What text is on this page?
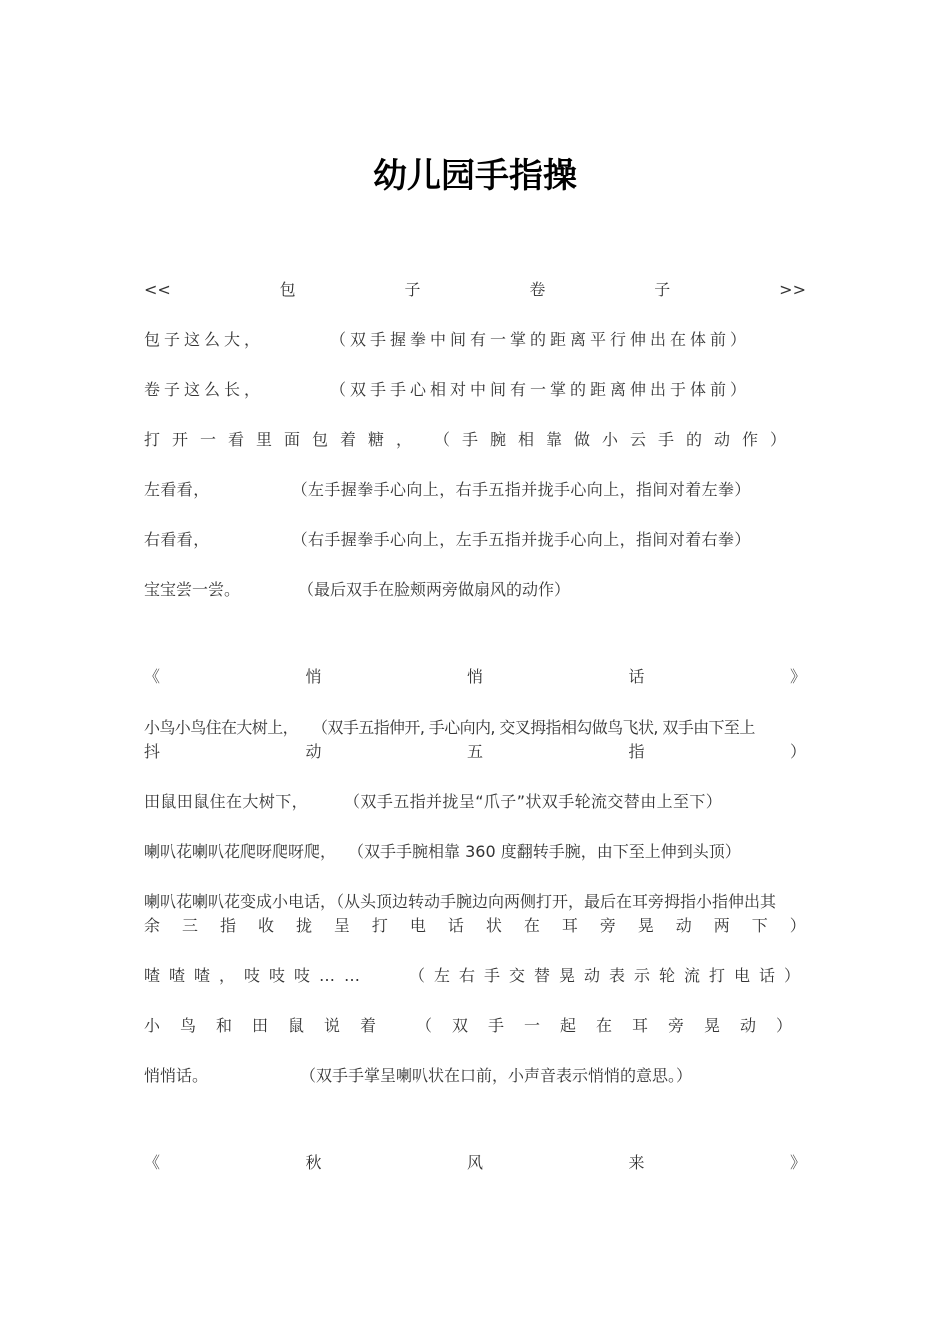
幼儿园手指操
<<	包	子	卷	子	>>
包子这么大，	（双手握拳中间有一掌的距离平行伸出在体前）
卷子这么长，	（双手手心相对中间有一掌的距离伸出于体前）
打开一看里面包着糖， （手腕相靠做小云手的动作）
左看看，	（左手握拳手心向上，右手五指并拢手心向上，指间对着左拳）
右看看，	（右手握拳手心向上，左手五指并拢手心向上，指间对着右拳）
宝宝尝一尝。	（最后双手在脸颊两旁做扇风的动作）
《	悄	悄	话	》
小鸟小鸟住在大树上， （双手五指伸开, 手心向内, 交叉拇指相勾做鸟飞状, 双手由下至上
抖	动	五	指	）
田鼠田鼠住在大树下， （双手五指并拢呈“爪子”状双手轮流交替由上至下）
喇叭花喇叭花爬呀爬呀爬， （双手手腕相靠 360 度翻转手腕，由下至上伸到头顶）
喇叭花喇叭花变成小电话，（从头顶边转动手腕边向两侧打开，最后在耳旁拇指小指伸出其
余 三 指 收 拢 呈 打 电 话 状 在 耳 旁 晃 动 两 下 ）
喳喳喳，吱吱吱……	（左右手交替晃动表示轮流打电话）
小鸟和田鼠说着 （双手一起在耳旁晃动）
悄悄话。	（双手手掌呈喇叭状在口前，小声音表示悄悄的意思。）
《	秋	风	来	》
